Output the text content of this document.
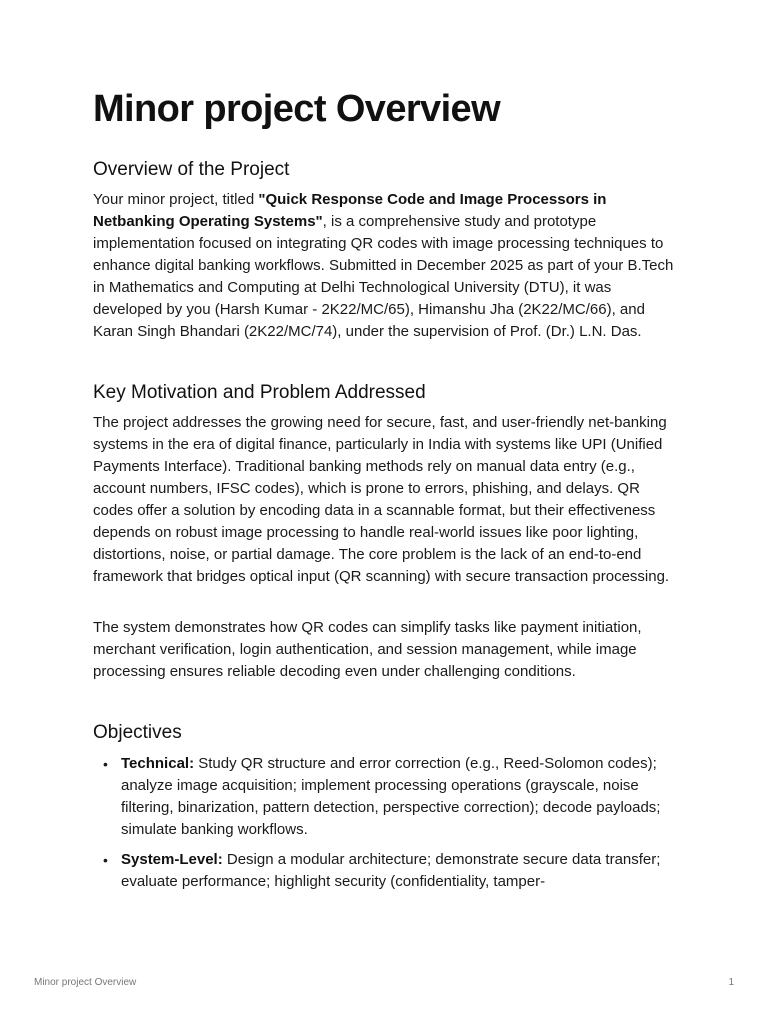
Minor project Overview
Overview of the Project

Your minor project, titled "Quick Response Code and Image Processors in Netbanking Operating Systems", is a comprehensive study and prototype implementation focused on integrating QR codes with image processing techniques to enhance digital banking workflows. Submitted in December 2025 as part of your B.Tech in Mathematics and Computing at Delhi Technological University (DTU), it was developed by you (Harsh Kumar - 2K22/MC/65), Himanshu Jha (2K22/MC/66), and Karan Singh Bhandari (2K22/MC/74), under the supervision of Prof. (Dr.) L.N. Das.

Key Motivation and Problem Addressed

The project addresses the growing need for secure, fast, and user-friendly net-banking systems in the era of digital finance, particularly in India with systems like UPI (Unified Payments Interface). Traditional banking methods rely on manual data entry (e.g., account numbers, IFSC codes), which is prone to errors, phishing, and delays. QR codes offer a solution by encoding data in a scannable format, but their effectiveness depends on robust image processing to handle real-world issues like poor lighting, distortions, noise, or partial damage. The core problem is the lack of an end-to-end framework that bridges optical input (QR scanning) with secure transaction processing.

The system demonstrates how QR codes can simplify tasks like payment initiation, merchant verification, login authentication, and session management, while image processing ensures reliable decoding even under challenging conditions.

Objectives
• Technical: Study QR structure and error correction (e.g., Reed-Solomon codes); analyze image acquisition; implement processing operations (grayscale, noise filtering, binarization, pattern detection, perspective correction); decode payloads; simulate banking workflows.
• System-Level: Design a modular architecture; demonstrate secure data transfer; evaluate performance; highlight security (confidentiality, tamper-
Minor project Overview	1
